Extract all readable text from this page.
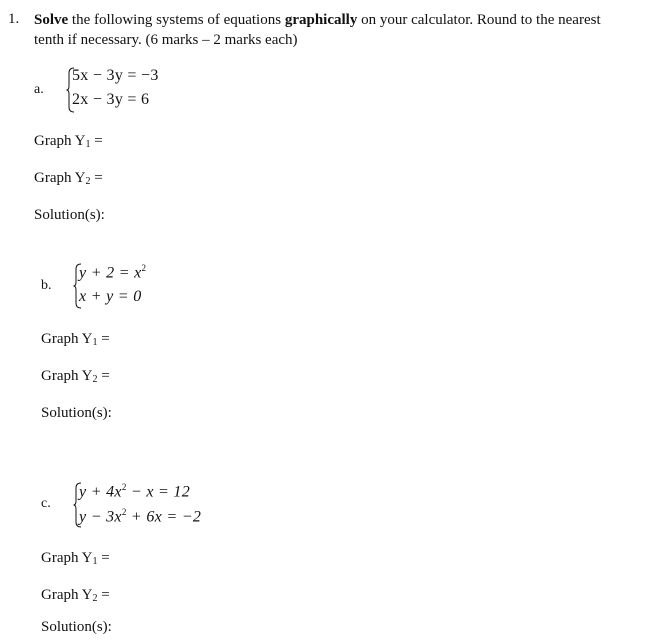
1. Solve the following systems of equations graphically on your calculator. Round to the nearest
tenth if necessary. (6 marks – 2 marks each)
a.
5x − 3y = −3
2x − 3y = 6
Graph $Y_1$ =
Graph $Y_2$ =
Solution(s):
b.
$y + 2 = x^2$
x + y = 0
Graph $Y_1$ =
Graph $Y_2$ =
Solution(s):
c.
$y + 4x^2 - x = 12$
$y - 3x^2 + 6x = -2$
Graph $Y_1$ =
Graph $Y_2$ =
Solution(s):
